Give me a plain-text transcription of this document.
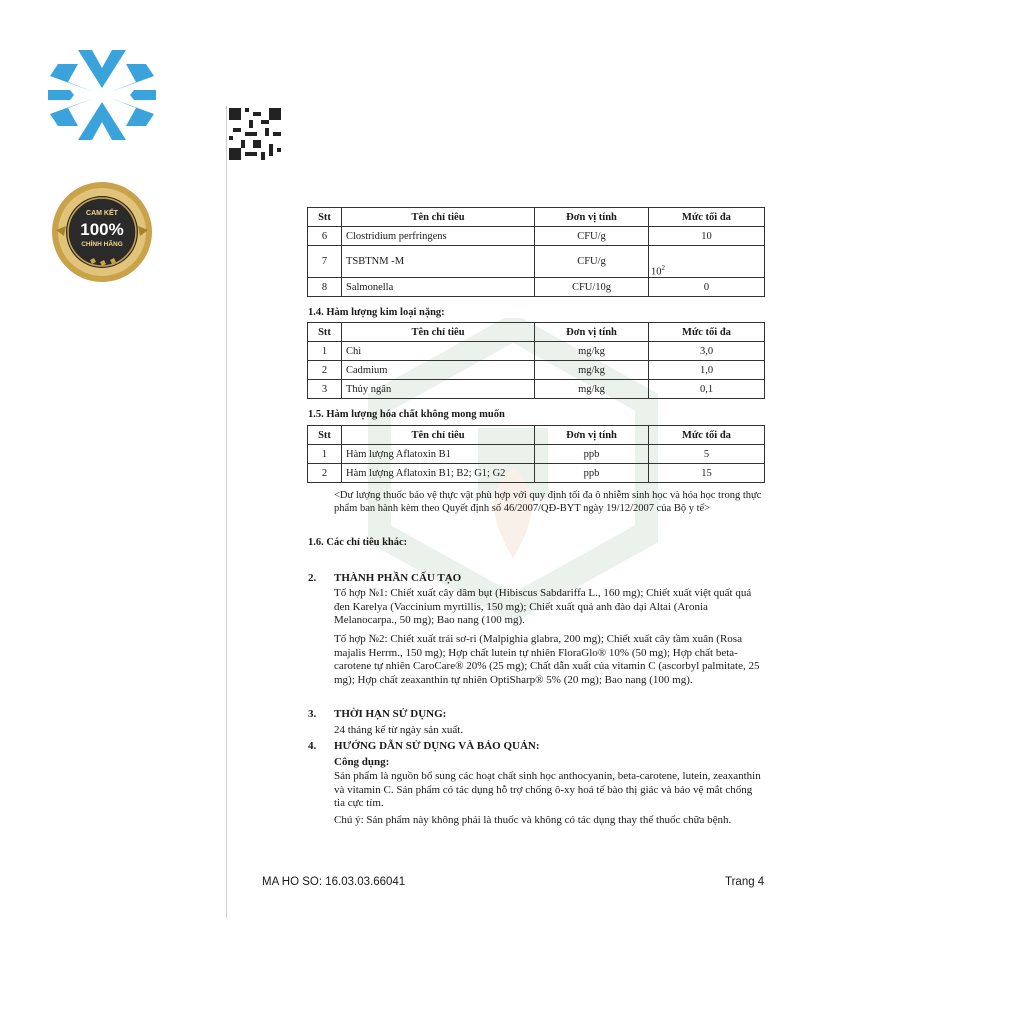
CAM KẾT
100%
CHÍNH HÃNG
Stt	Tên chỉ tiêu	Đơn vị tính	Mức tối đa
6	Clostridium perfringens	CFU/g	10
7	TSBTNM -M	CFU/g	$10^2$
8	Salmonella	CFU/10g	0
1.4. Hàm lượng kim loại nặng:
Stt	Tên chỉ tiêu	Đơn vị tính	Mức tối đa
1	Chì	mg/kg	3,0
2	Cadmium	mg/kg	1,0
3	Thủy ngân	mg/kg	0,1
1.5. Hàm lượng hóa chất không mong muốn
Stt	Tên chỉ tiêu	Đơn vị tính	Mức tối đa
1	Hàm lượng Aflatoxin B1	ppb	5
2	Hàm lượng Aflatoxin B1; B2; G1; G2	ppb	15
<Dư lượng thuốc bảo vệ thực vật phù hợp với quy định tối đa ô nhiễm sinh học và hóa học trong thực phẩm ban hành kèm theo Quyết định số 46/2007/QĐ-BYT ngày 19/12/2007 của Bộ y tế>
1.6. Các chỉ tiêu khác:
2. THÀNH PHẦN CẤU TẠO
Tổ hợp №1: Chiết xuất cây dâm bụt (Hibiscus Sabdariffa L., 160 mg); Chiết xuất việt quất quả đen Karelya (Vaccinium myrtillis, 150 mg); Chiết xuất quả anh đào dại Altai (Aronia Melanocarpa., 50 mg); Bao nang (100 mg).
Tổ hợp №2: Chiết xuất trái sơ-ri (Malpighia glabra, 200 mg); Chiết xuất cây tầm xuân (Rosa majalis Herrm., 150 mg); Hợp chất lutein tự nhiên FloraGlo® 10% (50 mg); Hợp chất beta-carotene tự nhiên CaroCare® 20% (25 mg); Chất dẫn xuất của vitamin C (ascorbyl palmitate, 25 mg); Hợp chất zeaxanthin tự nhiên OptiSharp® 5% (20 mg); Bao nang (100 mg).
3. THỜI HẠN SỬ DỤNG:
24 tháng kể từ ngày sản xuất.
4. HƯỚNG DẪN SỬ DỤNG VÀ BẢO QUẢN:
Công dụng:
Sản phẩm là nguồn bổ sung các hoạt chất sinh học anthocyanin, beta-carotene, lutein, zeaxanthin và vitamin C. Sản phẩm có tác dụng hỗ trợ chống ô-xy hoá tế bào thị giác và bảo vệ mắt chống tia cực tím.
Chú ý: Sản phẩm này không phải là thuốc và không có tác dụng thay thế thuốc chữa bệnh.
MA HO SO: 16.03.03.66041	Trang 4
